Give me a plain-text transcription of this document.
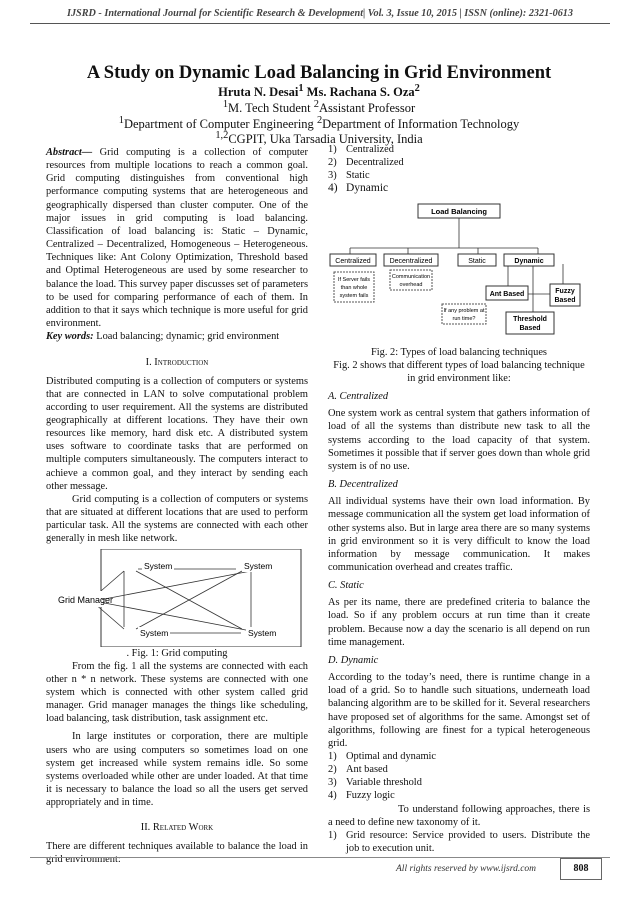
IJSRD - International Journal for Scientific Research & Development| Vol. 3, Issue 10, 2015 | ISSN (online): 2321-0613
A Study on Dynamic Load Balancing in Grid Environment
Hruta N. Desai$^1$ Ms. Rachana S. Oza$^2$
$^1$M. Tech Student $^2$Assistant Professor
$^1$Department of Computer Engineering $^2$Department of Information Technology
$^{1,2}$CGPIT, Uka Tarsadia University, India

Abstract— Grid computing is a collection of computer resources from multiple locations to reach a common goal. Grid computing distinguishes from conventional high performance computing systems that are heterogeneous and geographically dispersed than cluster computer. One of the major issues in grid computing is load balancing. Classification of load balancing is: Static – Dynamic, Centralized – Decentralized, Homogeneous – Heterogeneous. Techniques like: Ant Colony Optimization, Threshold based and Optimal Heterogeneous are used by some researcher to balance the load. This survey paper discusses set of parameters to be used for comparing performance of each of them. In addition to that it says which technique is more useful for grid environment.

Key words: Load balancing; dynamic; grid environment

I. Introduction

Distributed computing is a collection of computers or systems that are connected in LAN to solve computational problem according to user requirement. All the systems are distributed geographically at different locations. They have their own resources like memory, hard disk etc. A distributed system uses software to coordinate tasks that are performed on multiple computers simultaneously. The computers interact to achieve a common goal, and they interact by sending each other message.

Grid computing is a collection of computers or systems that are situated at different locations that are used to perform particular task. All the systems are connected with each other generally in mesh like network.

Grid Manager
System	System
System	System

. Fig. 1: Grid computing

From the fig. 1 all the systems are connected with each other n * n network. These systems are connected with one system which is connected with other system called grid manager. Grid manager manages the things like scheduling, load balancing, task distribution, task assignment etc.

In large institutes or corporation, there are multiple users who are using computers so sometimes load on one system get increased while system remains idle. So some systems overloaded while other are under loaded. At that time it is necessary to balance the load so all the users get served appropriately and in time.

II. Related Work

There are different techniques available to balance the load in grid environment:

1) Centralized
2) Decentralized
3) Static
4) Dynamic
Load Balancing
Centralized	Decentralized	Static	Dynamic
If Server fails
than whole
system fails
Communication
overhead
Ant Based	Fuzzy
Based
If any problem at
run time?	Threshold
Based

Fig. 2: Types of load balancing techniques

Fig. 2 shows that different types of load balancing technique

in grid environment like:

A. Centralized

One system work as central system that gathers information of load of all the systems than distribute new task to all the systems according to the load capacity of that system. Sometimes it possible that if server goes down than whole grid system is of no use.

B. Decentralized

All individual systems have their own load information. By message communication all the system get load information of other systems also. But in large area there are so many systems in grid environment so it is very difficult to know the load information by message communication. It makes communication overhead and creates traffic.

C. Static

As per its name, there are predefined criteria to balance the load. So if any problem occurs at run time than it create problem. Because now a day the scenario is all depend on run time management.

D. Dynamic

According to the today’s need, there is runtime change in a load of a grid. So to handle such situations, underneath load balancing algorithm are to be skilled for it. Several researchers have proposed set of algorithms for the same. Amongst set of algorithms, following are finest for a typical heterogeneous grid.

1) Optimal and dynamic
2) Ant based
3) Variable threshold
4) Fuzzy logic

To understand following approaches, there is a need to define new taxonomy of it.

1) Grid resource: Service provided to users. Distribute the job to execution unit.
All rights reserved by www.ijsrd.com	808
